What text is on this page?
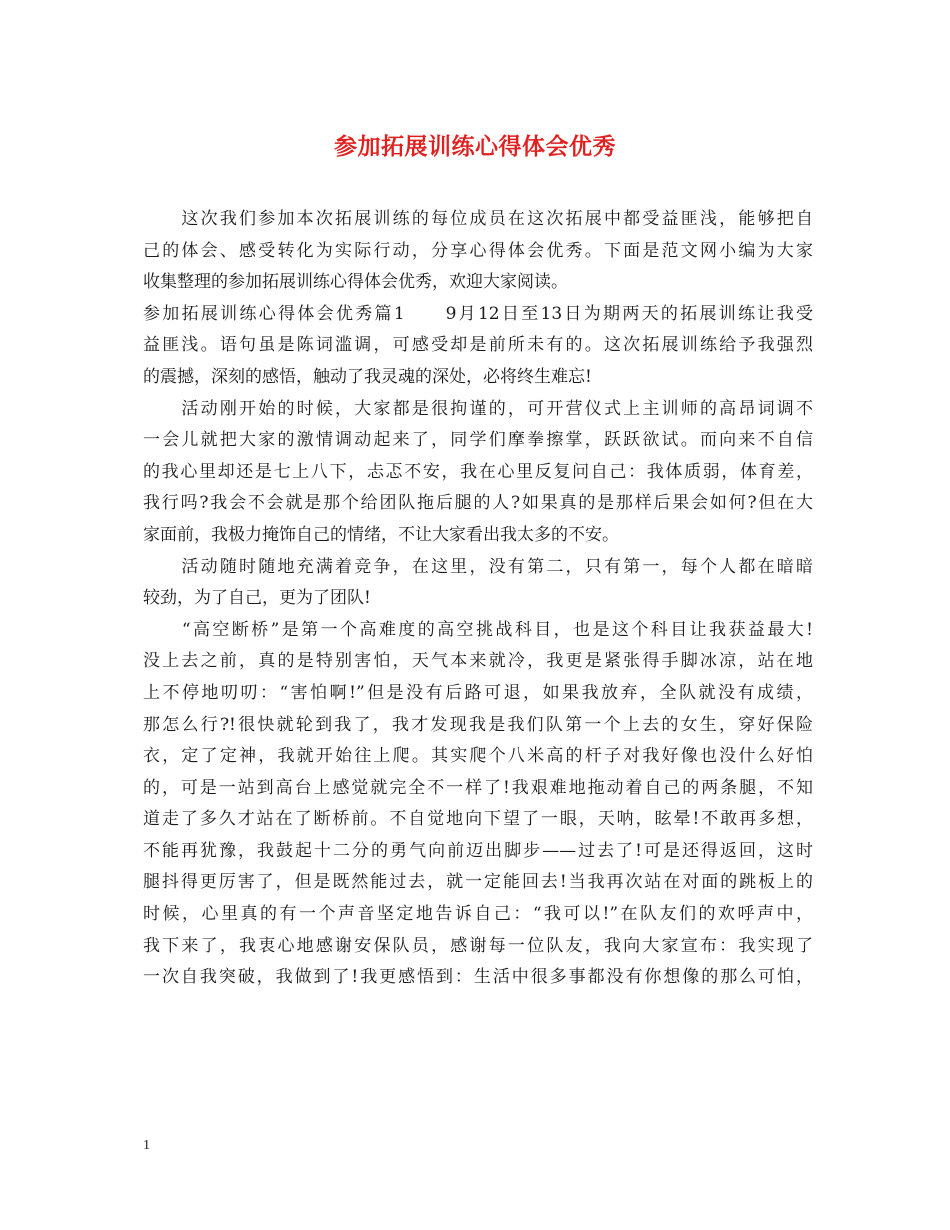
参加拓展训练心得体会优秀
　　这次我们参加本次拓展训练的每位成员在这次拓展中都受益匪浅，能够把自
己的体会、感受转化为实际行动，分享心得体会优秀。下面是范文网小编为大家
收集整理的参加拓展训练心得体会优秀，欢迎大家阅读。
参加拓展训练心得体会优秀篇1　　9月12日至13日为期两天的拓展训练让我受
益匪浅。语句虽是陈词滥调，可感受却是前所未有的。这次拓展训练给予我强烈
的震撼，深刻的感悟，触动了我灵魂的深处，必将终生难忘!
　　活动刚开始的时候，大家都是很拘谨的，可开营仪式上主训师的高昂词调不
一会儿就把大家的激情调动起来了，同学们摩拳擦掌，跃跃欲试。而向来不自信
的我心里却还是七上八下，忐忑不安，我在心里反复问自己：我体质弱，体育差，
我行吗?我会不会就是那个给团队拖后腿的人?如果真的是那样后果会如何?但在大
家面前，我极力掩饰自己的情绪，不让大家看出我太多的不安。
　　活动随时随地充满着竞争，在这里，没有第二，只有第一，每个人都在暗暗
较劲，为了自己，更为了团队!
　　“高空断桥”是第一个高难度的高空挑战科目，也是这个科目让我获益最大!
没上去之前，真的是特别害怕，天气本来就冷，我更是紧张得手脚冰凉，站在地
上不停地叨叨：“害怕啊!”但是没有后路可退，如果我放弃，全队就没有成绩，
那怎么行?!很快就轮到我了，我才发现我是我们队第一个上去的女生，穿好保险
衣，定了定神，我就开始往上爬。其实爬个八米高的杆子对我好像也没什么好怕
的，可是一站到高台上感觉就完全不一样了!我艰难地拖动着自己的两条腿，不知
道走了多久才站在了断桥前。不自觉地向下望了一眼，天呐，眩晕!不敢再多想，
不能再犹豫，我鼓起十二分的勇气向前迈出脚步——过去了!可是还得返回，这时
腿抖得更厉害了，但是既然能过去，就一定能回去!当我再次站在对面的跳板上的
时候，心里真的有一个声音坚定地告诉自己：“我可以!”在队友们的欢呼声中，
我下来了，我衷心地感谢安保队员，感谢每一位队友，我向大家宣布：我实现了
一次自我突破，我做到了!我更感悟到：生活中很多事都没有你想像的那么可怕，
1
